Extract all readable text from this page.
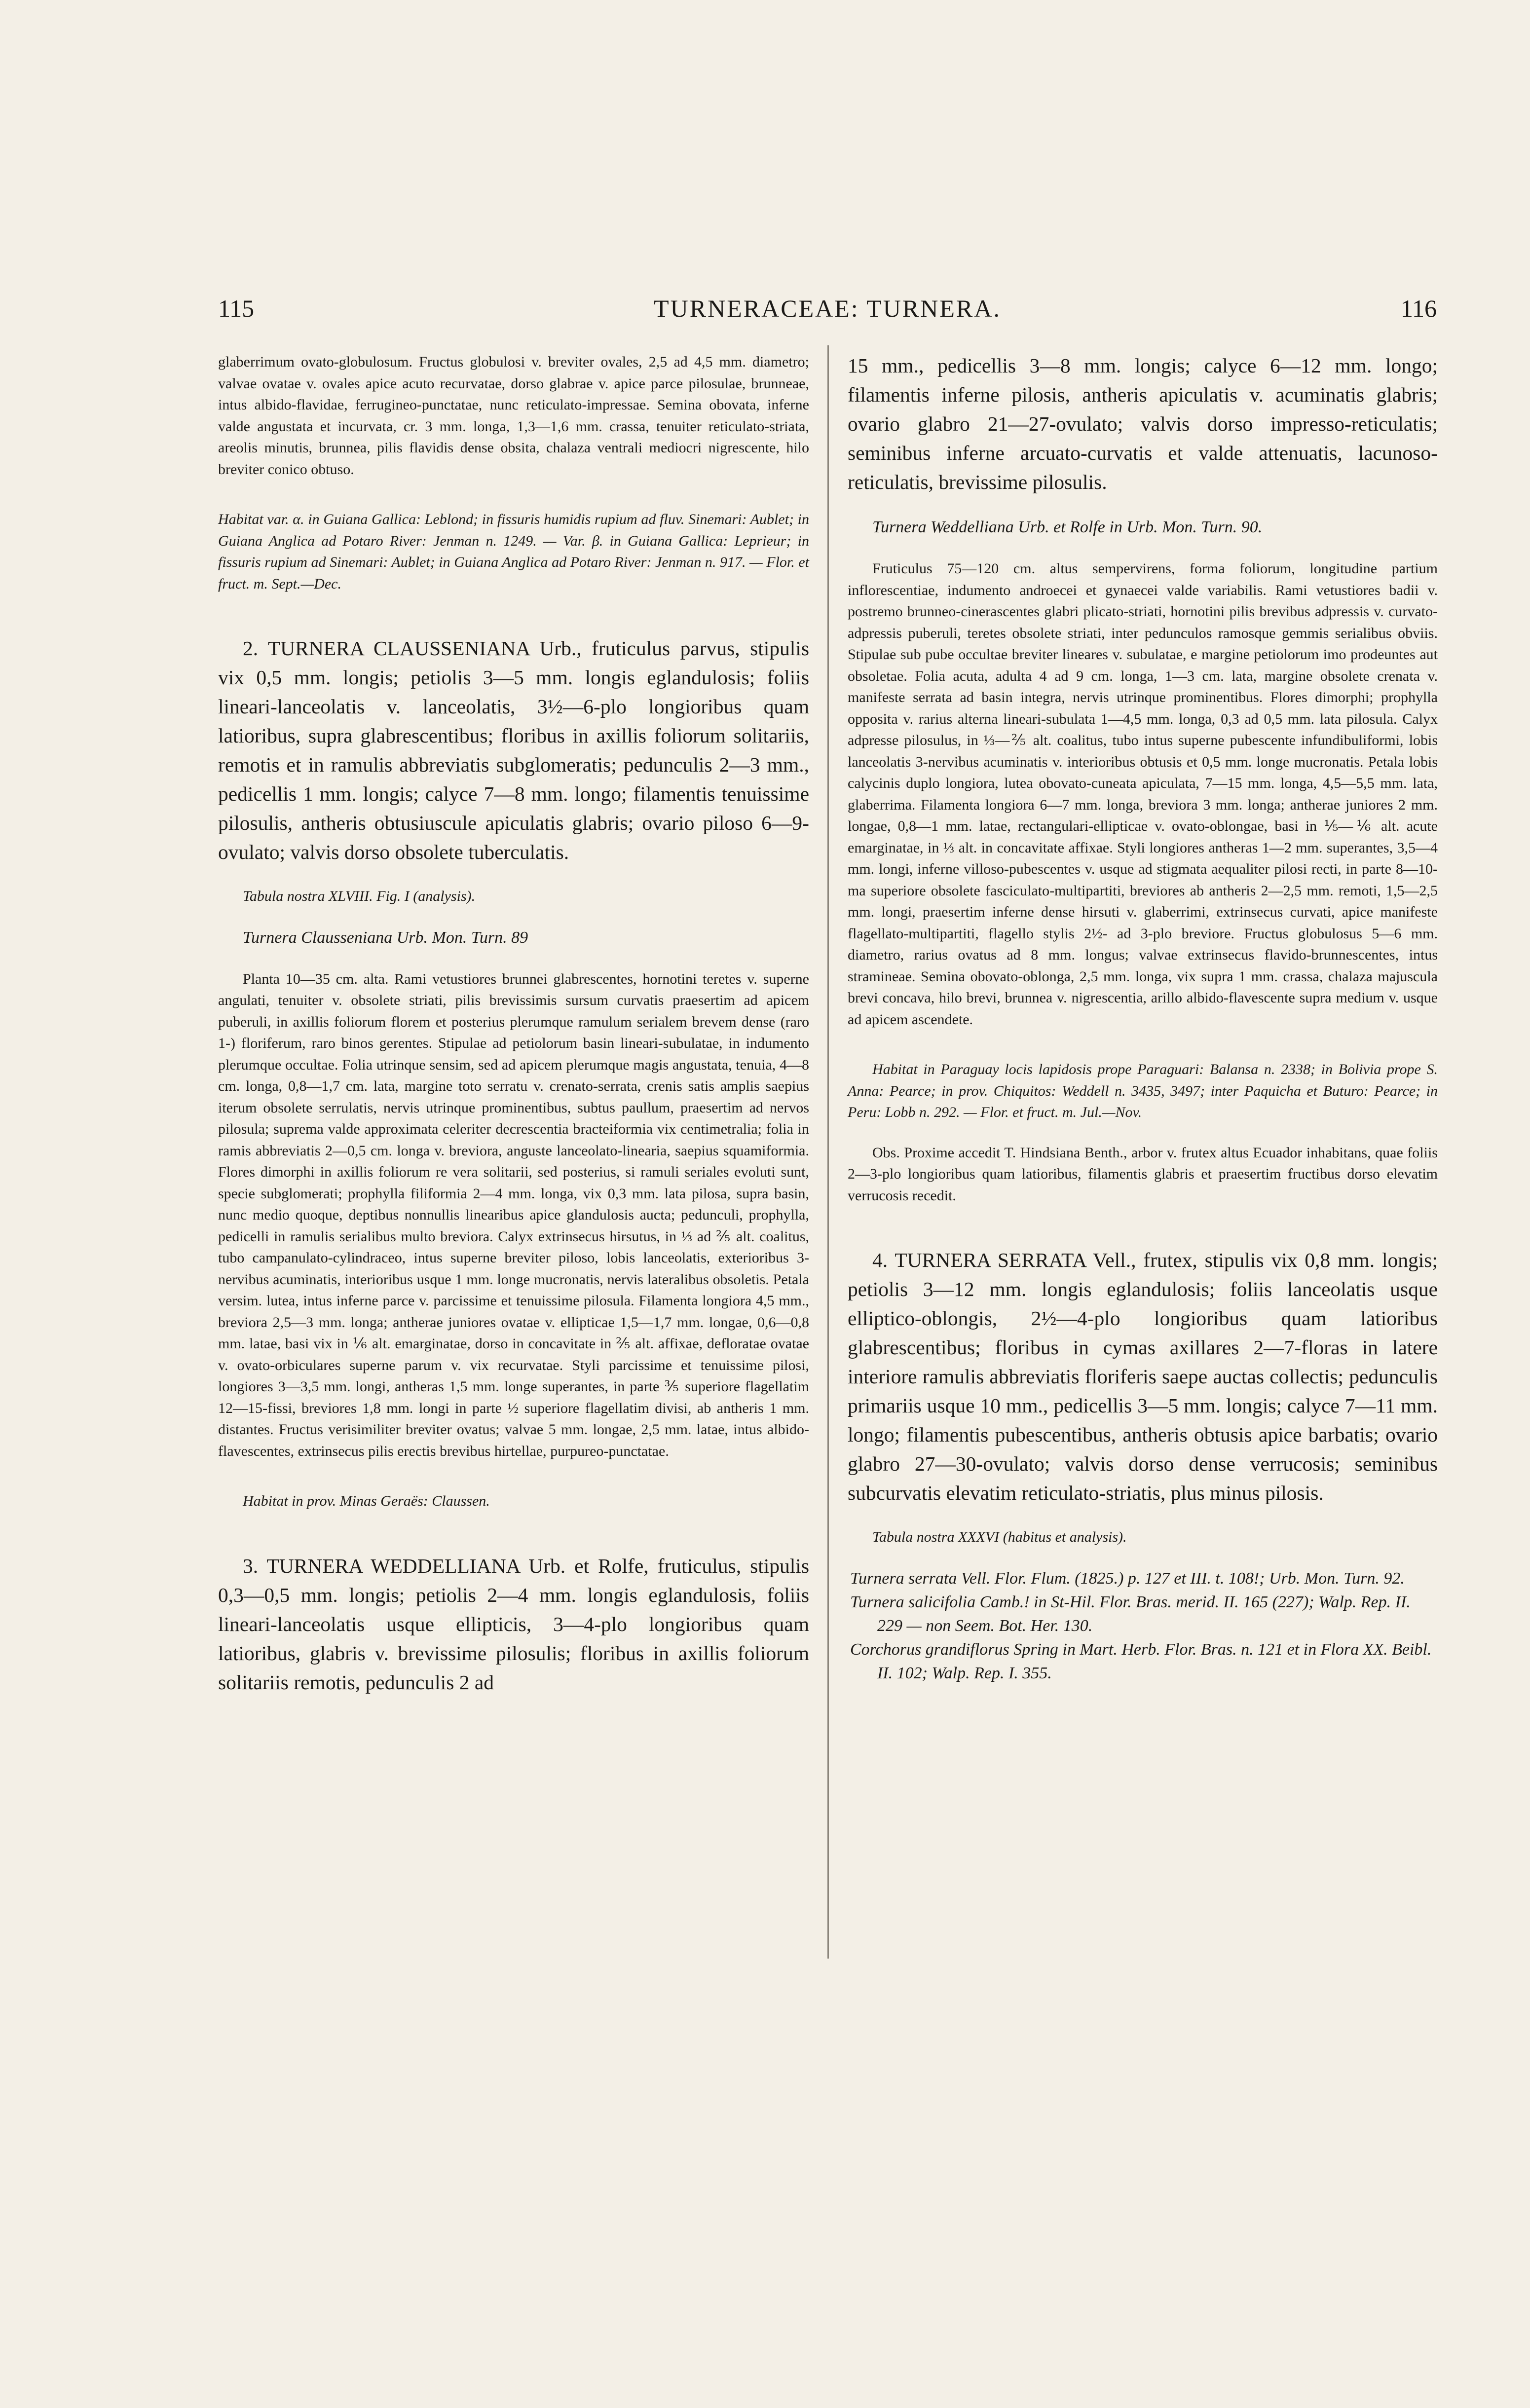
115	TURNERACEAE: TURNERA.	116

glaberrimum ovato-globulosum. Fructus globulosi v. breviter ovales, 2,5 ad 4,5 mm. diametro; valvae ovatae v. ovales apice acuto recurvatae, dorso glabrae v. apice parce pilosulae, brunneae, intus albido-flavidae, ferrugineo-punctatae, nunc reticulato-impressae. Semina obovata, inferne valde angustata et incurvata, cr. 3 mm. longa, 1,3—1,6 mm. crassa, tenuiter reticulato-striata, areolis minutis, brunnea, pilis flavidis dense obsita, chalaza ventrali mediocri nigrescente, hilo breviter conico obtuso.

Habitat var. α. in Guiana Gallica: Leblond; in fissuris humidis rupium ad fluv. Sinemari: Aublet; in Guiana Anglica ad Potaro River: Jenman n. 1249. — Var. β. in Guiana Gallica: Leprieur; in fissuris rupium ad Sinemari: Aublet; in Guiana Anglica ad Potaro River: Jenman n. 917. — Flor. et fruct. m. Sept.—Dec.

2. TURNERA CLAUSSENIANA Urb., fruticulus parvus, stipulis vix 0,5 mm. longis; petiolis 3—5 mm. longis eglandulosis; foliis lineari-lanceolatis v. lanceolatis, 3½—6-plo longioribus quam latioribus, supra glabrescentibus; floribus in axillis foliorum solitariis, remotis et in ramulis abbreviatis subglomeratis; pedunculis 2—3 mm., pedicellis 1 mm. longis; calyce 7—8 mm. longo; filamentis tenuissime pilosulis, antheris obtusiuscule apiculatis glabris; ovario piloso 6—9-ovulato; valvis dorso obsolete tuberculatis.

Tabula nostra XLVIII. Fig. I (analysis).

Turnera Clausseniana Urb. Mon. Turn. 89

Planta 10—35 cm. alta. Rami vetustiores brunnei glabrescentes, hornotini teretes v. superne angulati, tenuiter v. obsolete striati, pilis brevissimis sursum curvatis praesertim ad apicem puberuli, in axillis foliorum florem et posterius plerumque ramulum serialem brevem dense (raro 1-) floriferum, raro binos gerentes. Stipulae ad petiolorum basin lineari-subulatae, in indumento plerumque occultae. Folia utrinque sensim, sed ad apicem plerumque magis angustata, tenuia, 4—8 cm. longa, 0,8—1,7 cm. lata, margine toto serratu v. crenato-serrata, crenis satis amplis saepius iterum obsolete serrulatis, nervis utrinque prominentibus, subtus paullum, praesertim ad nervos pilosula; suprema valde approximata celeriter decrescentia bracteiformia vix centimetralia; folia in ramis abbreviatis 2—0,5 cm. longa v. breviora, anguste lanceolato-linearia, saepius squamiformia. Flores dimorphi in axillis foliorum re vera solitarii, sed posterius, si ramuli seriales evoluti sunt, specie subglomerati; prophylla filiformia 2—4 mm. longa, vix 0,3 mm. lata pilosa, supra basin, nunc medio quoque, deptibus nonnullis linearibus apice glandulosis aucta; pedunculi, prophylla, pedicelli in ramulis serialibus multo breviora. Calyx extrinsecus hirsutus, in ⅓ ad ⅖ alt. coalitus, tubo campanulato-cylindraceo, intus superne breviter piloso, lobis lanceolatis, exterioribus 3-nervibus acuminatis, interioribus usque 1 mm. longe mucronatis, nervis lateralibus obsoletis. Petala versim. lutea, intus inferne parce v. parcissime et tenuissime pilosula. Filamenta longiora 4,5 mm., breviora 2,5—3 mm. longa; antherae juniores ovatae v. ellipticae 1,5—1,7 mm. longae, 0,6—0,8 mm. latae, basi vix in ⅙ alt. emarginatae, dorso in concavitate in ⅖ alt. affixae, defloratae ovatae v. ovato-orbiculares superne parum v. vix recurvatae. Styli parcissime et tenuissime pilosi, longiores 3—3,5 mm. longi, antheras 1,5 mm. longe superantes, in parte ⅗ superiore flagellatim 12—15-fissi, breviores 1,8 mm. longi in parte ½ superiore flagellatim divisi, ab antheris 1 mm. distantes. Fructus verisimiliter breviter ovatus; valvae 5 mm. longae, 2,5 mm. latae, intus albido-flavescentes, extrinsecus pilis erectis brevibus hirtellae, purpureo-punctatae.

Habitat in prov. Minas Geraës: Claussen.

3. TURNERA WEDDELLIANA Urb. et Rolfe, fruticulus, stipulis 0,3—0,5 mm. longis; petiolis 2—4 mm. longis eglandulosis, foliis lineari-lanceolatis usque ellipticis, 3—4-plo longioribus quam latioribus, glabris v. brevissime pilosulis; floribus in axillis foliorum solitariis remotis, pedunculis 2 ad

15 mm., pedicellis 3—8 mm. longis; calyce 6—12 mm. longo; filamentis inferne pilosis, antheris apiculatis v. acuminatis glabris; ovario glabro 21—27-ovulato; valvis dorso impresso-reticulatis; seminibus inferne arcuato-curvatis et valde attenuatis, lacunoso-reticulatis, brevissime pilosulis.

Turnera Weddelliana Urb. et Rolfe in Urb. Mon. Turn. 90.

Fruticulus 75—120 cm. altus sempervirens, forma foliorum, longitudine partium inflorescentiae, indumento androecei et gynaecei valde variabilis. Rami vetustiores badii v. postremo brunneo-cinerascentes glabri plicato-striati, hornotini pilis brevibus adpressis v. curvato-adpressis puberuli, teretes obsolete striati, inter pedunculos ramosque gemmis serialibus obviis. Stipulae sub pube occultae breviter lineares v. subulatae, e margine petiolorum imo prodeuntes aut obsoletae. Folia acuta, adulta 4 ad 9 cm. longa, 1—3 cm. lata, margine obsolete crenata v. manifeste serrata ad basin integra, nervis utrinque prominentibus. Flores dimorphi; prophylla opposita v. rarius alterna lineari-subulata 1—4,5 mm. longa, 0,3 ad 0,5 mm. lata pilosula. Calyx adpresse pilosulus, in ⅓—⅖ alt. coalitus, tubo intus superne pubescente infundibuliformi, lobis lanceolatis 3-nervibus acuminatis v. interioribus obtusis et 0,5 mm. longe mucronatis. Petala lobis calycinis duplo longiora, lutea obovato-cuneata apiculata, 7—15 mm. longa, 4,5—5,5 mm. lata, glaberrima. Filamenta longiora 6—7 mm. longa, breviora 3 mm. longa; antherae juniores 2 mm. longae, 0,8—1 mm. latae, rectangulari-ellipticae v. ovato-oblongae, basi in ⅕—⅙ alt. acute emarginatae, in ⅓ alt. in concavitate affixae. Styli longiores antheras 1—2 mm. superantes, 3,5—4 mm. longi, inferne villoso-pubescentes v. usque ad stigmata aequaliter pilosi recti, in parte 8—10-ma superiore obsolete fasciculato-multipartiti, breviores ab antheris 2—2,5 mm. remoti, 1,5—2,5 mm. longi, praesertim inferne dense hirsuti v. glaberrimi, extrinsecus curvati, apice manifeste flagellato-multipartiti, flagello stylis 2½- ad 3-plo breviore. Fructus globulosus 5—6 mm. diametro, rarius ovatus ad 8 mm. longus; valvae extrinsecus flavido-brunnescentes, intus stramineae. Semina obovato-oblonga, 2,5 mm. longa, vix supra 1 mm. crassa, chalaza majuscula brevi concava, hilo brevi, brunnea v. nigrescentia, arillo albido-flavescente supra medium v. usque ad apicem ascendete.

Habitat in Paraguay locis lapidosis prope Paraguari: Balansa n. 2338; in Bolivia prope S. Anna: Pearce; in prov. Chiquitos: Weddell n. 3435, 3497; inter Paquicha et Buturo: Pearce; in Peru: Lobb n. 292. — Flor. et fruct. m. Jul.—Nov.

Obs. Proxime accedit T. Hindsiana Benth., arbor v. frutex altus Ecuador inhabitans, quae foliis 2—3-plo longioribus quam latioribus, filamentis glabris et praesertim fructibus dorso elevatim verrucosis recedit.

4. TURNERA SERRATA Vell., frutex, stipulis vix 0,8 mm. longis; petiolis 3—12 mm. longis eglandulosis; foliis lanceolatis usque elliptico-oblongis, 2½—4-plo longioribus quam latioribus glabrescentibus; floribus in cymas axillares 2—7-floras in latere interiore ramulis abbreviatis floriferis saepe auctas collectis; pedunculis primariis usque 10 mm., pedicellis 3—5 mm. longis; calyce 7—11 mm. longo; filamentis pubescentibus, antheris obtusis apice barbatis; ovario glabro 27—30-ovulato; valvis dorso dense verrucosis; seminibus subcurvatis elevatim reticulato-striatis, plus minus pilosis.

Tabula nostra XXXVI (habitus et analysis).

Turnera serrata Vell. Flor. Flum. (1825.) p. 127 et III. t. 108!; Urb. Mon. Turn. 92.

Turnera salicifolia Camb.! in St-Hil. Flor. Bras. merid. II. 165 (227); Walp. Rep. II. 229 — non Seem. Bot. Her. 130.

Corchorus grandiflorus Spring in Mart. Herb. Flor. Bras. n. 121 et in Flora XX. Beibl. II. 102; Walp. Rep. I. 355.
